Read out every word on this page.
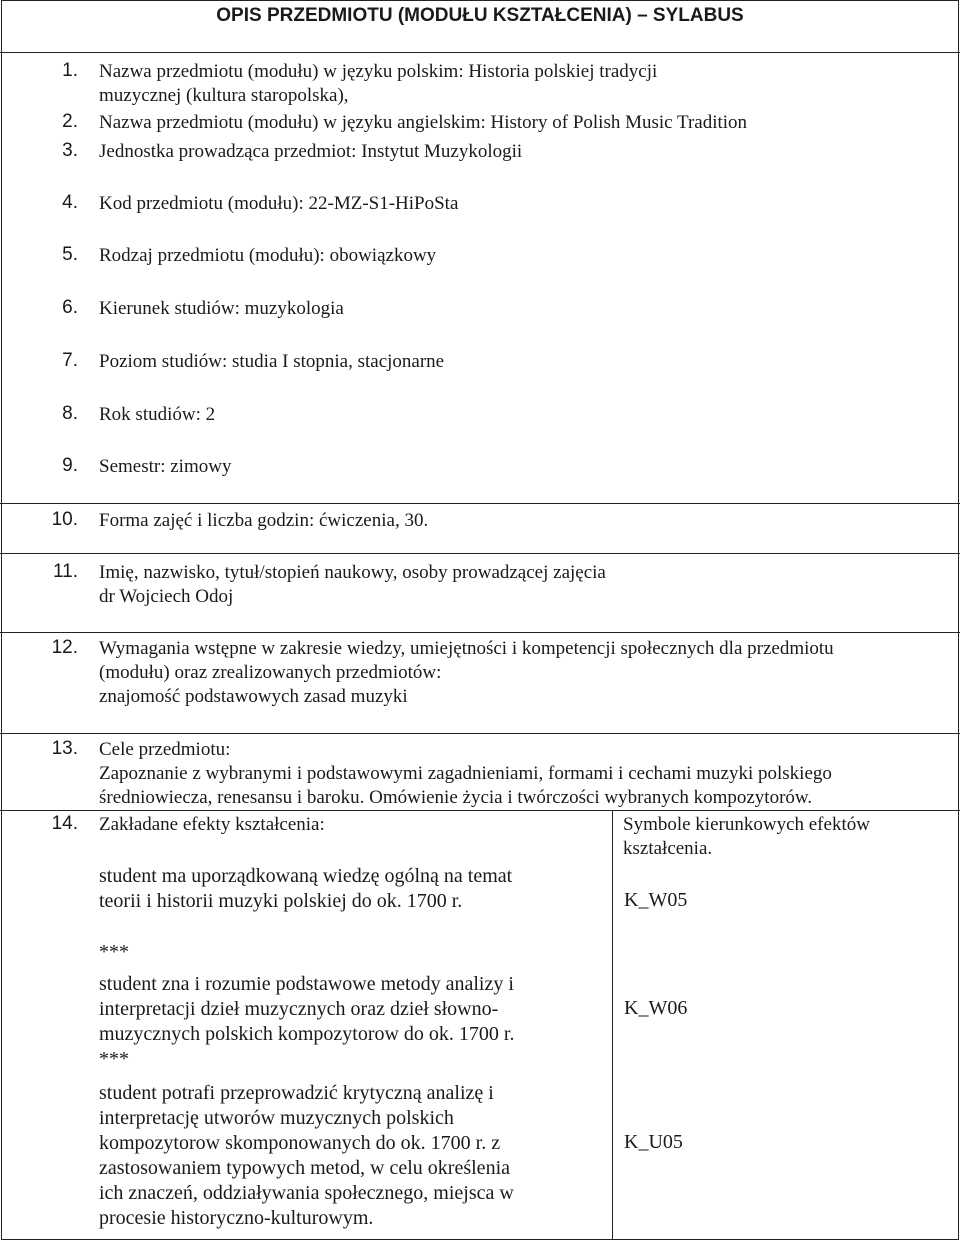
OPIS PRZEDMIOTU (MODUŁU KSZTAŁCENIA) – SYLABUS
1. Nazwa przedmiotu (modułu) w języku polskim: Historia polskiej tradycji
muzycznej (kultura staropolska),
2. Nazwa przedmiotu (modułu) w języku angielskim: History of Polish Music Tradition
3. Jednostka prowadząca przedmiot: Instytut Muzykologii
4. Kod przedmiotu (modułu): 22-MZ-S1-HiPoSta
5. Rodzaj przedmiotu (modułu): obowiązkowy
6. Kierunek studiów: muzykologia
7. Poziom studiów: studia I stopnia, stacjonarne
8. Rok studiów: 2
9. Semestr: zimowy
10. Forma zajęć i liczba godzin: ćwiczenia, 30.
11. Imię, nazwisko, tytuł/stopień naukowy, osoby prowadzącej zajęcia
dr Wojciech Odoj
12. Wymagania wstępne w zakresie wiedzy, umiejętności i kompetencji społecznych dla przedmiotu
(modułu) oraz zrealizowanych przedmiotów:
znajomość podstawowych zasad muzyki
13. Cele przedmiotu:
Zapoznanie z wybranymi i podstawowymi zagadnieniami, formami i cechami muzyki polskiego
średniowiecza, renesansu i baroku. Omówienie życia i twórczości wybranych kompozytorów.
14. Zakładane efekty kształcenia:	Symbole kierunkowych efektów
kształcenia.
student ma uporządkowaną wiedzę ogólną na temat
teorii i historii muzyki polskiej do ok. 1700 r.	K_W05
***
student zna i rozumie podstawowe metody analizy i
interpretacji dzieł muzycznych oraz dzieł słowno-
muzycznych polskich kompozytorow do ok. 1700 r.
K_W06
***
student potrafi przeprowadzić krytyczną analizę i
interpretację utworów muzycznych polskich
kompozytorow skomponowanych do ok. 1700 r. z
zastosowaniem typowych metod, w celu określenia
ich znaczeń, oddziaływania społecznego, miejsca w
procesie historyczno-kulturowym.
K_U05
